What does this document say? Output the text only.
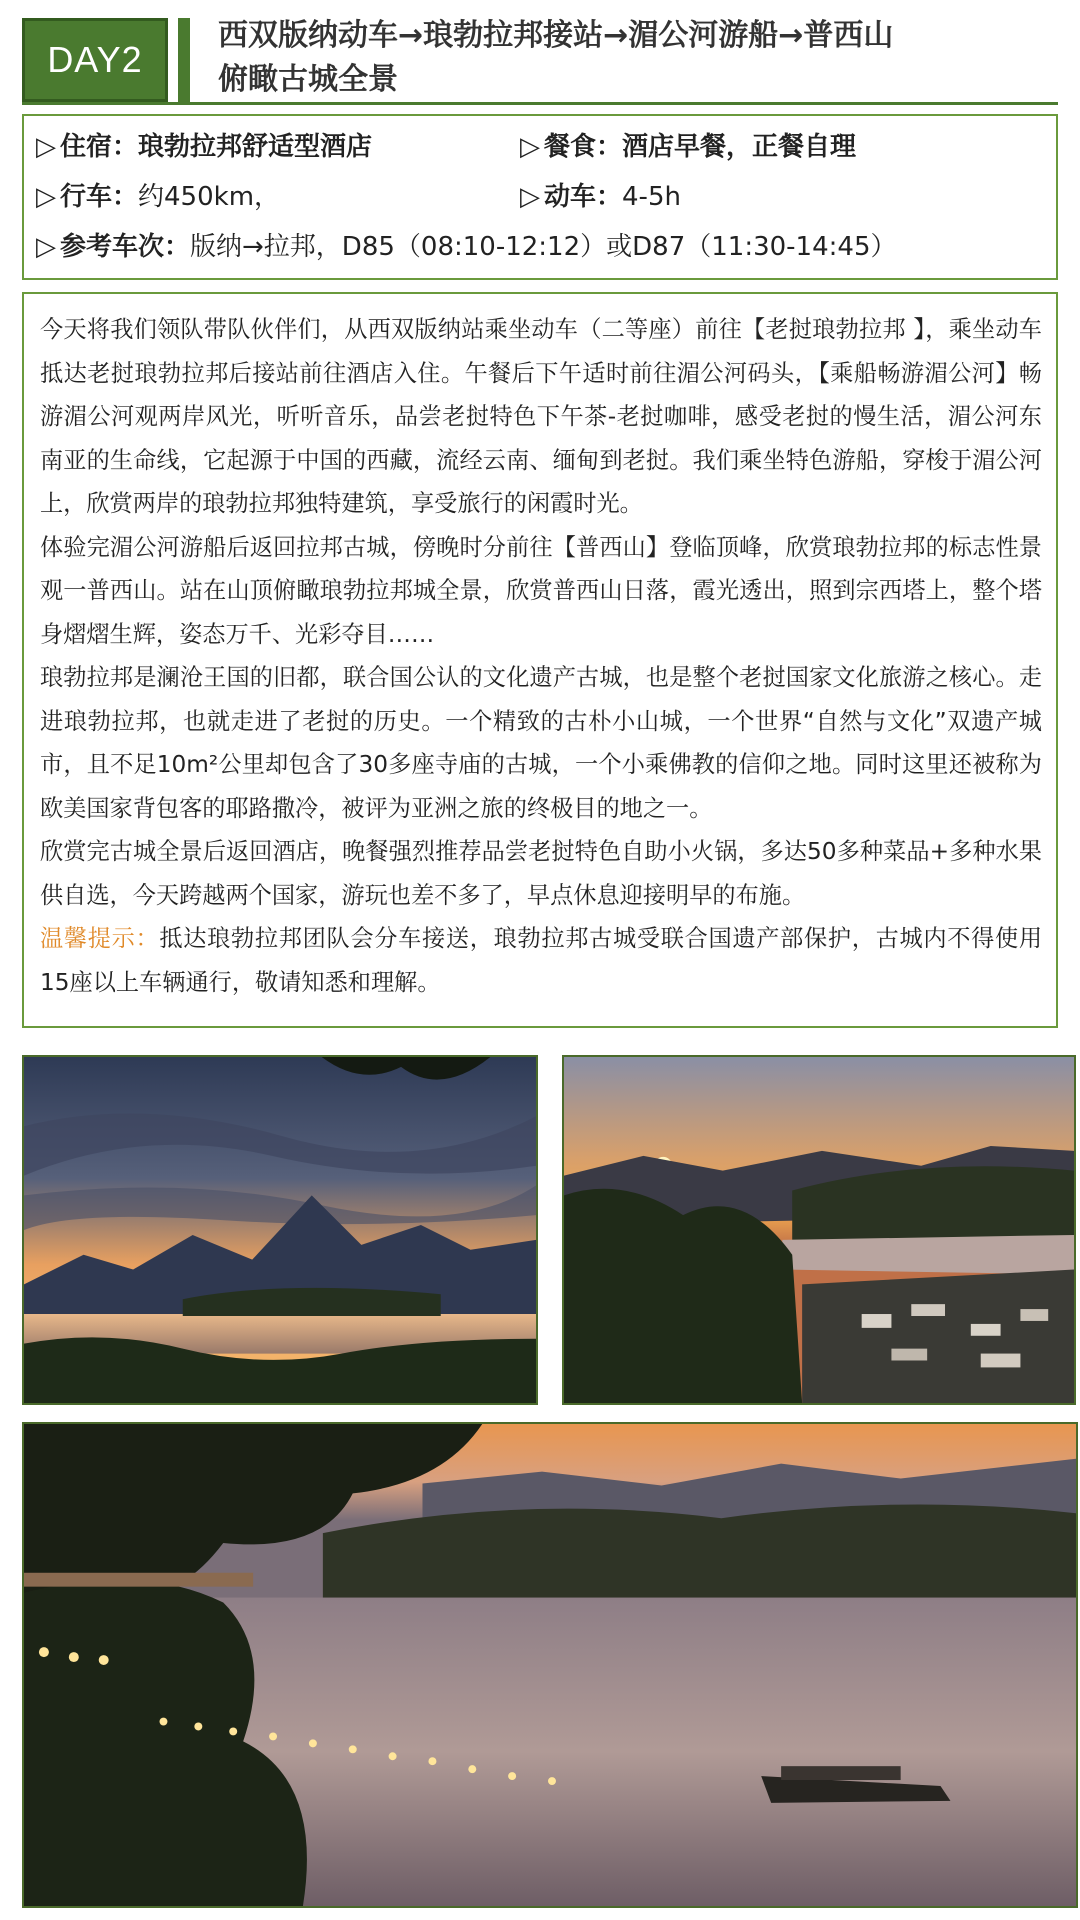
DAY2
西双版纳动车→琅勃拉邦接站→湄公河游船→普西山
俯瞰古城全景
▷ 住宿：琅勃拉邦舒适型酒店	▷ 餐食：酒店早餐，正餐自理
▷ 行车：约450km，	▷ 动车：4-5h
▷ 参考车次：版纳→拉邦，D85（08:10-12:12）或D87（11:30-14:45）

今天将我们领队带队伙伴们，从西双版纳站乘坐动车（二等座）前往【老挝琅勃拉邦 】，乘坐动车抵达老挝琅勃拉邦后接站前往酒店入住。午餐后下午适时前往湄公河码头，【乘船畅游湄公河】畅游湄公河观两岸风光，听听音乐，品尝老挝特色下午茶-老挝咖啡，感受老挝的慢生活，湄公河东南亚的生命线，它起源于中国的西藏，流经云南、缅甸到老挝。我们乘坐特色游船，穿梭于湄公河上，欣赏两岸的琅勃拉邦独特建筑，享受旅行的闲霞时光。

体验完湄公河游船后返回拉邦古城，傍晚时分前往【普西山】登临顶峰，欣赏琅勃拉邦的标志性景观一普西山。站在山顶俯瞰琅勃拉邦城全景，欣赏普西山日落，霞光透出，照到宗西塔上，整个塔身熠熠生辉，姿态万千、光彩夺目……

琅勃拉邦是澜沧王国的旧都，联合国公认的文化遗产古城，也是整个老挝国家文化旅游之核心。走进琅勃拉邦，也就走进了老挝的历史。一个精致的古朴小山城，一个世界“自然与文化”双遗产城市，且不足10m²公里却包含了30多座寺庙的古城，一个小乘佛教的信仰之地。同时这里还被称为欧美国家背包客的耶路撒冷，被评为亚洲之旅的终极目的地之一。

欣赏完古城全景后返回酒店，晚餐强烈推荐品尝老挝特色自助小火锅，多达50多种菜品+多种水果供自选，今天跨越两个国家，游玩也差不多了，早点休息迎接明早的布施。

温馨提示：抵达琅勃拉邦团队会分车接送，琅勃拉邦古城受联合国遗产部保护，古城内不得使用15座以上车辆通行，敬请知悉和理解。
